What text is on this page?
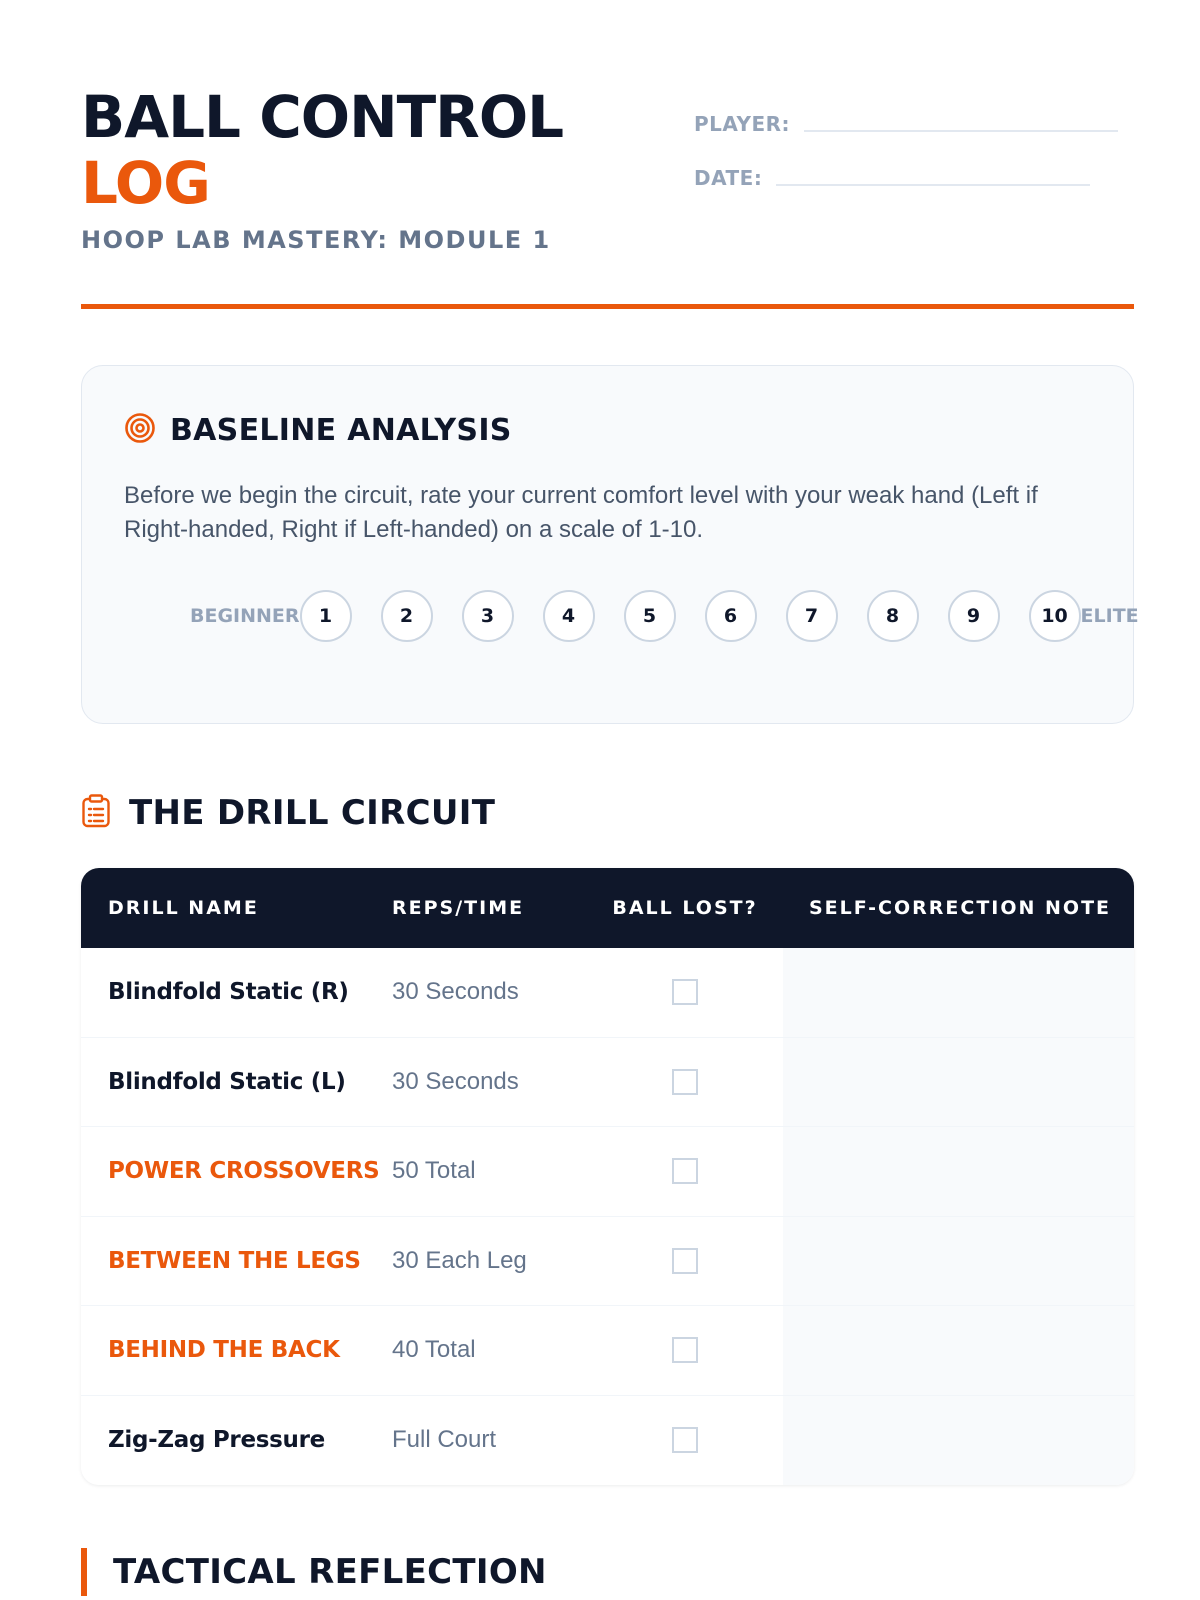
BALL CONTROL
LOG
HOOP LAB MASTERY: MODULE 1
PLAYER:
DATE:
BASELINE ANALYSIS

Before we begin the circuit, rate your current comfort level with your weak hand (Left if Right-handed, Right if Left-handed) on a scale of 1-10.

BEGINNER	1	2	3	4	5	6	7	8	9	10 ELITE
THE DRILL CIRCUIT
DRILL NAME	REPS/TIME	BALL LOST?	SELF-CORRECTION NOTE
Blindfold Static (R)	30 Seconds
Blindfold Static (L)	30 Seconds
POWER CROSSOVERS 50 Total
BETWEEN THE LEGS	30 Each Leg
BEHIND THE BACK	40 Total
Zig-Zag Pressure	Full Court
TACTICAL REFLECTION
